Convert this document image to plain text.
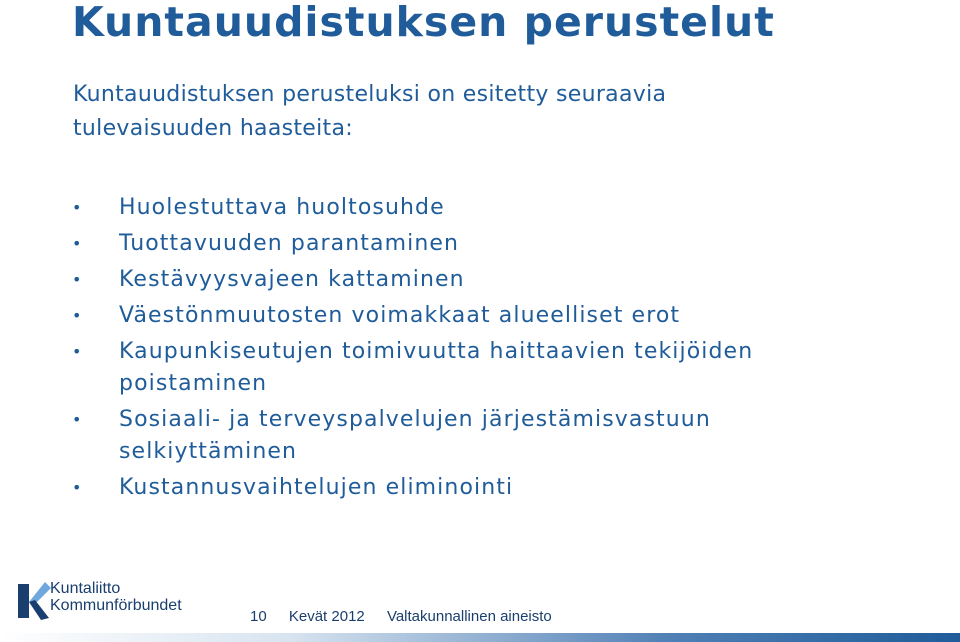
Kuntauudistuksen perustelut
Kuntauudistuksen perusteluksi on esitetty seuraavia tulevaisuuden haasteita:
• Huolestuttava huoltosuhde
• Tuottavuuden parantaminen
• Kestävyysvajeen kattaminen
• Väestönmuutosten voimakkaat alueelliset erot
• Kaupunkiseutujen toimivuutta haittaavien tekijöiden poistaminen
• Sosiaali- ja terveyspalvelujen järjestämisvastuun selkiyttäminen
• Kustannusvaihtelujen eliminointi
Kuntaliitto
Kommunförbundet
10 Kevät 2012 Valtakunnallinen aineisto
